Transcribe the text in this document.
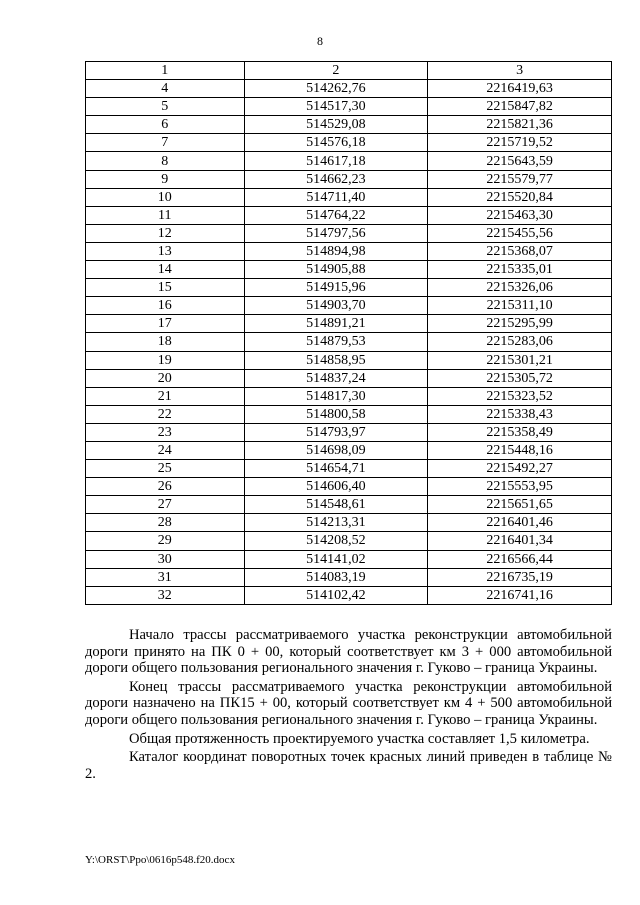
8
1	2	3
4	514262,76	2216419,63
5	514517,30	2215847,82
6	514529,08	2215821,36
7	514576,18	2215719,52
8	514617,18	2215643,59
9	514662,23	2215579,77
10	514711,40	2215520,84
11	514764,22	2215463,30
12	514797,56	2215455,56
13	514894,98	2215368,07
14	514905,88	2215335,01
15	514915,96	2215326,06
16	514903,70	2215311,10
17	514891,21	2215295,99
18	514879,53	2215283,06
19	514858,95	2215301,21
20	514837,24	2215305,72
21	514817,30	2215323,52
22	514800,58	2215338,43
23	514793,97	2215358,49
24	514698,09	2215448,16
25	514654,71	2215492,27
26	514606,40	2215553,95
27	514548,61	2215651,65
28	514213,31	2216401,46
29	514208,52	2216401,34
30	514141,02	2216566,44
31	514083,19	2216735,19
32	514102,42	2216741,16

Начало трассы рассматриваемого участка реконструкции автомобильной дороги принято на ПК 0 + 00, который соответствует км 3 + 000 автомобильной дороги общего пользования регионального значения г. Гуково – граница Украины.

Конец трассы рассматриваемого участка реконструкции автомобильной дороги назначено на ПК15 + 00, который соответствует км 4 + 500 автомобильной дороги общего пользования регионального значения г. Гуково – граница Украины.

Общая протяженность проектируемого участка составляет 1,5 километра.

Каталог координат поворотных точек красных линий приведен в таблице № 2.

Y:\ORST\Ppo\0616p548.f20.docx
